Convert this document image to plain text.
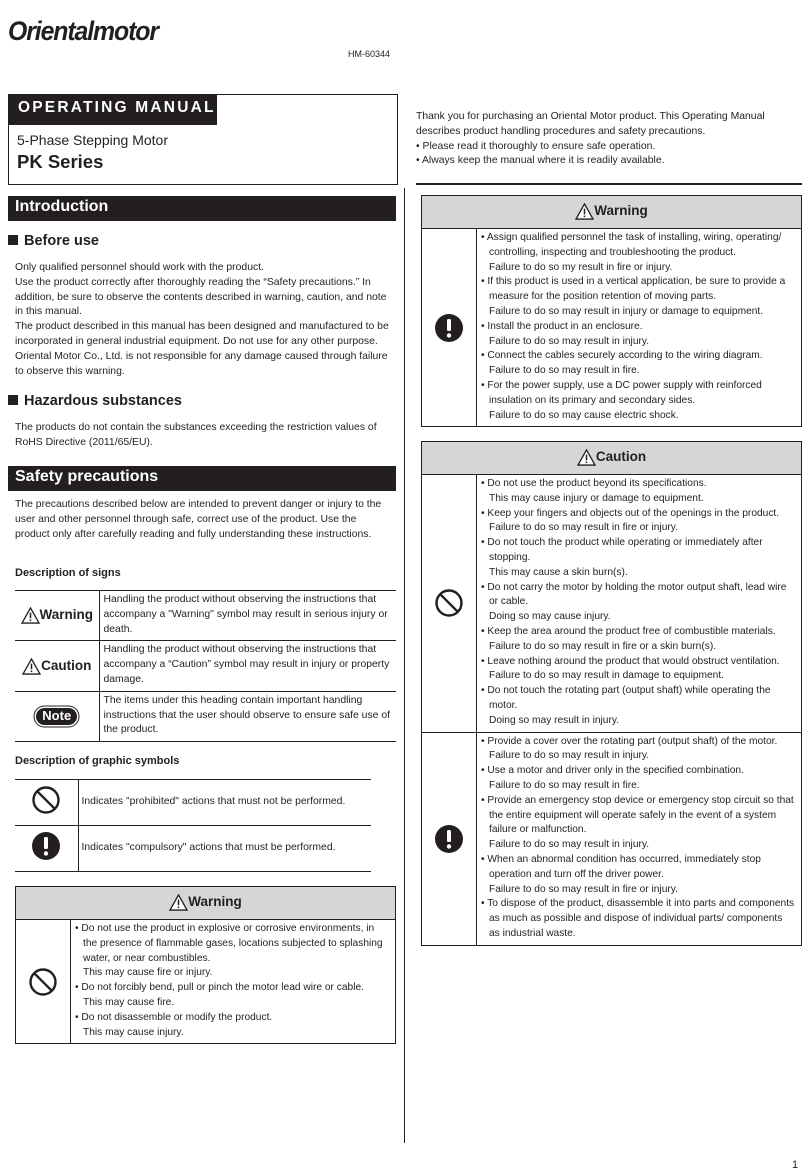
Orientalmotor
HM-60344
OPERATING MANUAL
5-Phase Stepping Motor
PK Series
Thank you for purchasing an Oriental Motor product. This Operating Manual describes product handling procedures and safety precautions.
• Please read it thoroughly to ensure safe operation.
• Always keep the manual where it is readily available.
Introduction
Before use
Only qualified personnel should work with the product.
Use the product correctly after thoroughly reading the “Safety precautions.” In addition, be sure to observe the contents described in warning, caution, and note in this manual.
The product described in this manual has been designed and manufactured to be incorporated in general industrial equipment. Do not use for any other purpose. Oriental Motor Co., Ltd. is not responsible for any damage caused through failure to observe this warning.
Hazardous substances
The products do not contain the substances exceeding the restriction values of RoHS Directive (2011/65/EU).
Safety precautions
The precautions described below are intended to prevent danger or injury to the user and other personnel through safe, correct use of the product. Use the product only after carefully reading and fully understanding these instructions.
Description of signs
Warning	Handling the product without observing the instructions that accompany a "Warning" symbol may result in serious injury or death.
Caution	Handling the product without observing the instructions that accompany a “Caution” symbol may result in injury or property damage.
Note	The items under this heading contain important handling instructions that the user should observe to ensure safe use of the product.
Description of graphic symbols
	Indicates "prohibited" actions that must not be performed.
	Indicates "compulsory" actions that must be performed.
Warning
• Do not use the product in explosive or corrosive environments, in the presence of flammable gases, locations subjected to splashing water, or near combustibles.
This may cause fire or injury.
• Do not forcibly bend, pull or pinch the motor lead wire or cable.
This may cause fire.
• Do not disassemble or modify the product.
This may cause injury.
Warning
• Assign qualified personnel the task of installing, wiring, operating/ controlling, inspecting and troubleshooting the product.
Failure to do so my result in fire or injury.
• If this product is used in a vertical application, be sure to provide a measure for the position retention of moving parts.
Failure to do so may result in injury or damage to equipment.
• Install the product in an enclosure.
Failure to do so may result in injury.
• Connect the cables securely according to the wiring diagram.
Failure to do so may result in fire.
• For the power supply, use a DC power supply with reinforced insulation on its primary and secondary sides.
Failure to do so may cause electric shock.
Caution
• Do not use the product beyond its specifications.
This may cause injury or damage to equipment.
• Keep your fingers and objects out of the openings in the product.
Failure to do so may result in fire or injury.
• Do not touch the product while operating or immediately after stopping.
This may cause a skin burn(s).
• Do not carry the motor by holding the motor output shaft, lead wire or cable.
Doing so may cause injury.
• Keep the area around the product free of combustible materials.
Failure to do so may result in fire or a skin burn(s).
• Leave nothing around the product that would obstruct ventilation.
Failure to do so may result in damage to equipment.
• Do not touch the rotating part (output shaft) while operating the motor.
Doing so may result in injury.
• Provide a cover over the rotating part (output shaft) of the motor.
Failure to do so may result in injury.
• Use a motor and driver only in the specified combination.
Failure to do so may result in fire.
• Provide an emergency stop device or emergency stop circuit so that the entire equipment will operate safely in the event of a system failure or malfunction.
Failure to do so may result in injury.
• When an abnormal condition has occurred, immediately stop operation and turn off the driver power.
Failure to do so may result in fire or injury.
• To dispose of the product, disassemble it into parts and components as much as possible and dispose of individual parts/ components as industrial waste.
1
